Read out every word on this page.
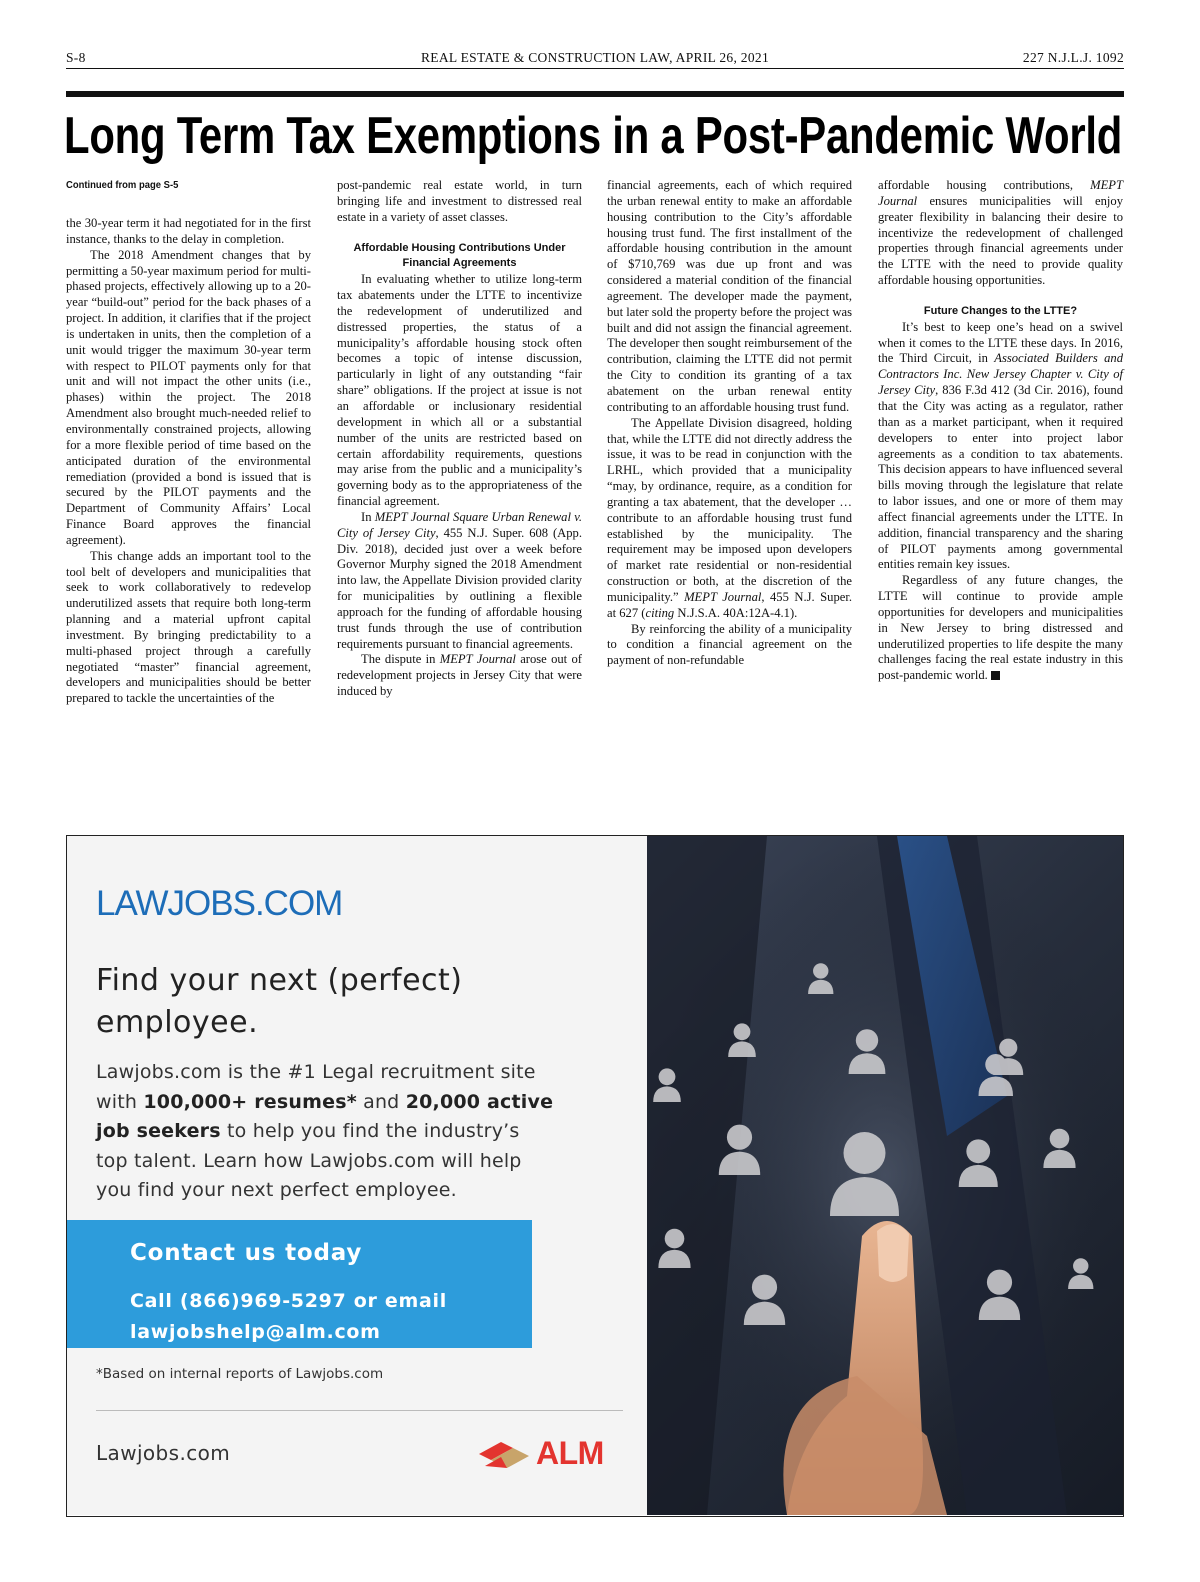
S-8	REAL ESTATE & CONSTRUCTION LAW, APRIL 26, 2021	227 N.J.L.J. 1092
Long Term Tax Exemptions in a Post-Pandemic World
Continued from page S-5

the 30-year term it had negotiated for in the first instance, thanks to the delay in completion.

The 2018 Amendment changes that by permitting a 50-year maximum period for multi-phased projects, effectively allowing up to a 20-year “build-out” period for the back phases of a project. In addition, it clarifies that if the project is undertaken in units, then the completion of a unit would trigger the maximum 30-year term with respect to PILOT payments only for that unit and will not impact the other units (i.e., phases) within the project. The 2018 Amendment also brought much-needed relief to environmentally constrained projects, allowing for a more flexible period of time based on the anticipated duration of the environmental remediation (provided a bond is issued that is secured by the PILOT payments and the Department of Community Affairs’ Local Finance Board approves the financial agreement).

This change adds an important tool to the tool belt of developers and municipalities that seek to work collaboratively to redevelop underutilized assets that require both long-term planning and a material upfront capital investment. By bringing predictability to a multi-phased project through a carefully negotiated “master” financial agreement, developers and municipalities should be better prepared to tackle the uncertainties of the

post-pandemic real estate world, in turn bringing life and investment to distressed real estate in a variety of asset classes.

Affordable Housing Contributions Under Financial Agreements

In evaluating whether to utilize long-term tax abatements under the LTTE to incentivize the redevelopment of underutilized and distressed properties, the status of a municipality’s affordable housing stock often becomes a topic of intense discussion, particularly in light of any outstanding “fair share” obligations. If the project at issue is not an affordable or inclusionary residential development in which all or a substantial number of the units are restricted based on certain affordability requirements, questions may arise from the public and a municipality’s governing body as to the appropriateness of the financial agreement.

In MEPT Journal Square Urban Renewal v. City of Jersey City, 455 N.J. Super. 608 (App. Div. 2018), decided just over a week before Governor Murphy signed the 2018 Amendment into law, the Appellate Division provided clarity for municipalities by outlining a flexible approach for the funding of affordable housing trust funds through the use of contribution requirements pursuant to financial agreements.

The dispute in MEPT Journal arose out of redevelopment projects in Jersey City that were induced by

financial agreements, each of which required the urban renewal entity to make an affordable housing contribution to the City’s affordable housing trust fund. The first installment of the affordable housing contribution in the amount of $710,769 was due up front and was considered a material condition of the financial agreement. The developer made the payment, but later sold the property before the project was built and did not assign the financial agreement. The developer then sought reimbursement of the contribution, claiming the LTTE did not permit the City to condition its granting of a tax abatement on the urban renewal entity contributing to an affordable housing trust fund.

The Appellate Division disagreed, holding that, while the LTTE did not directly address the issue, it was to be read in conjunction with the LRHL, which provided that a municipality “may, by ordinance, require, as a condition for granting a tax abatement, that the developer … contribute to an affordable housing trust fund established by the municipality. The requirement may be imposed upon developers of market rate residential or non-residential construction or both, at the discretion of the municipality.” MEPT Journal, 455 N.J. Super. at 627 (citing N.J.S.A. 40A:12A-4.1).

By reinforcing the ability of a municipality to condition a financial agreement on the payment of non-refundable

affordable housing contributions, MEPT Journal ensures municipalities will enjoy greater flexibility in balancing their desire to incentivize the redevelopment of challenged properties through financial agreements under the LTTE with the need to provide quality affordable housing opportunities.

Future Changes to the LTTE?

It’s best to keep one’s head on a swivel when it comes to the LTTE these days. In 2016, the Third Circuit, in Associated Builders and Contractors Inc. New Jersey Chapter v. City of Jersey City, 836 F.3d 412 (3d Cir. 2016), found that the City was acting as a regulator, rather than as a market participant, when it required developers to enter into project labor agreements as a condition to tax abatements. This decision appears to have influenced several bills moving through the legislature that relate to labor issues, and one or more of them may affect financial agreements under the LTTE. In addition, financial transparency and the sharing of PILOT payments among governmental entities remain key issues.

Regardless of any future changes, the LTTE will continue to provide ample opportunities for developers and municipalities in New Jersey to bring distressed and underutilized properties to life despite the many challenges facing the real estate industry in this post-pandemic world.

LAWJOBS.COM
Find your next (perfect) employee.
Lawjobs.com is the #1 Legal recruitment site with 100,000+ resumes* and 20,000 active job seekers to help you find the industry’s top talent. Learn how Lawjobs.com will help you find your next perfect employee.
Contact us today
Call (866)969-5297 or email
lawjobshelp@alm.com
*Based on internal reports of Lawjobs.com
Lawjobs.com	ALM
